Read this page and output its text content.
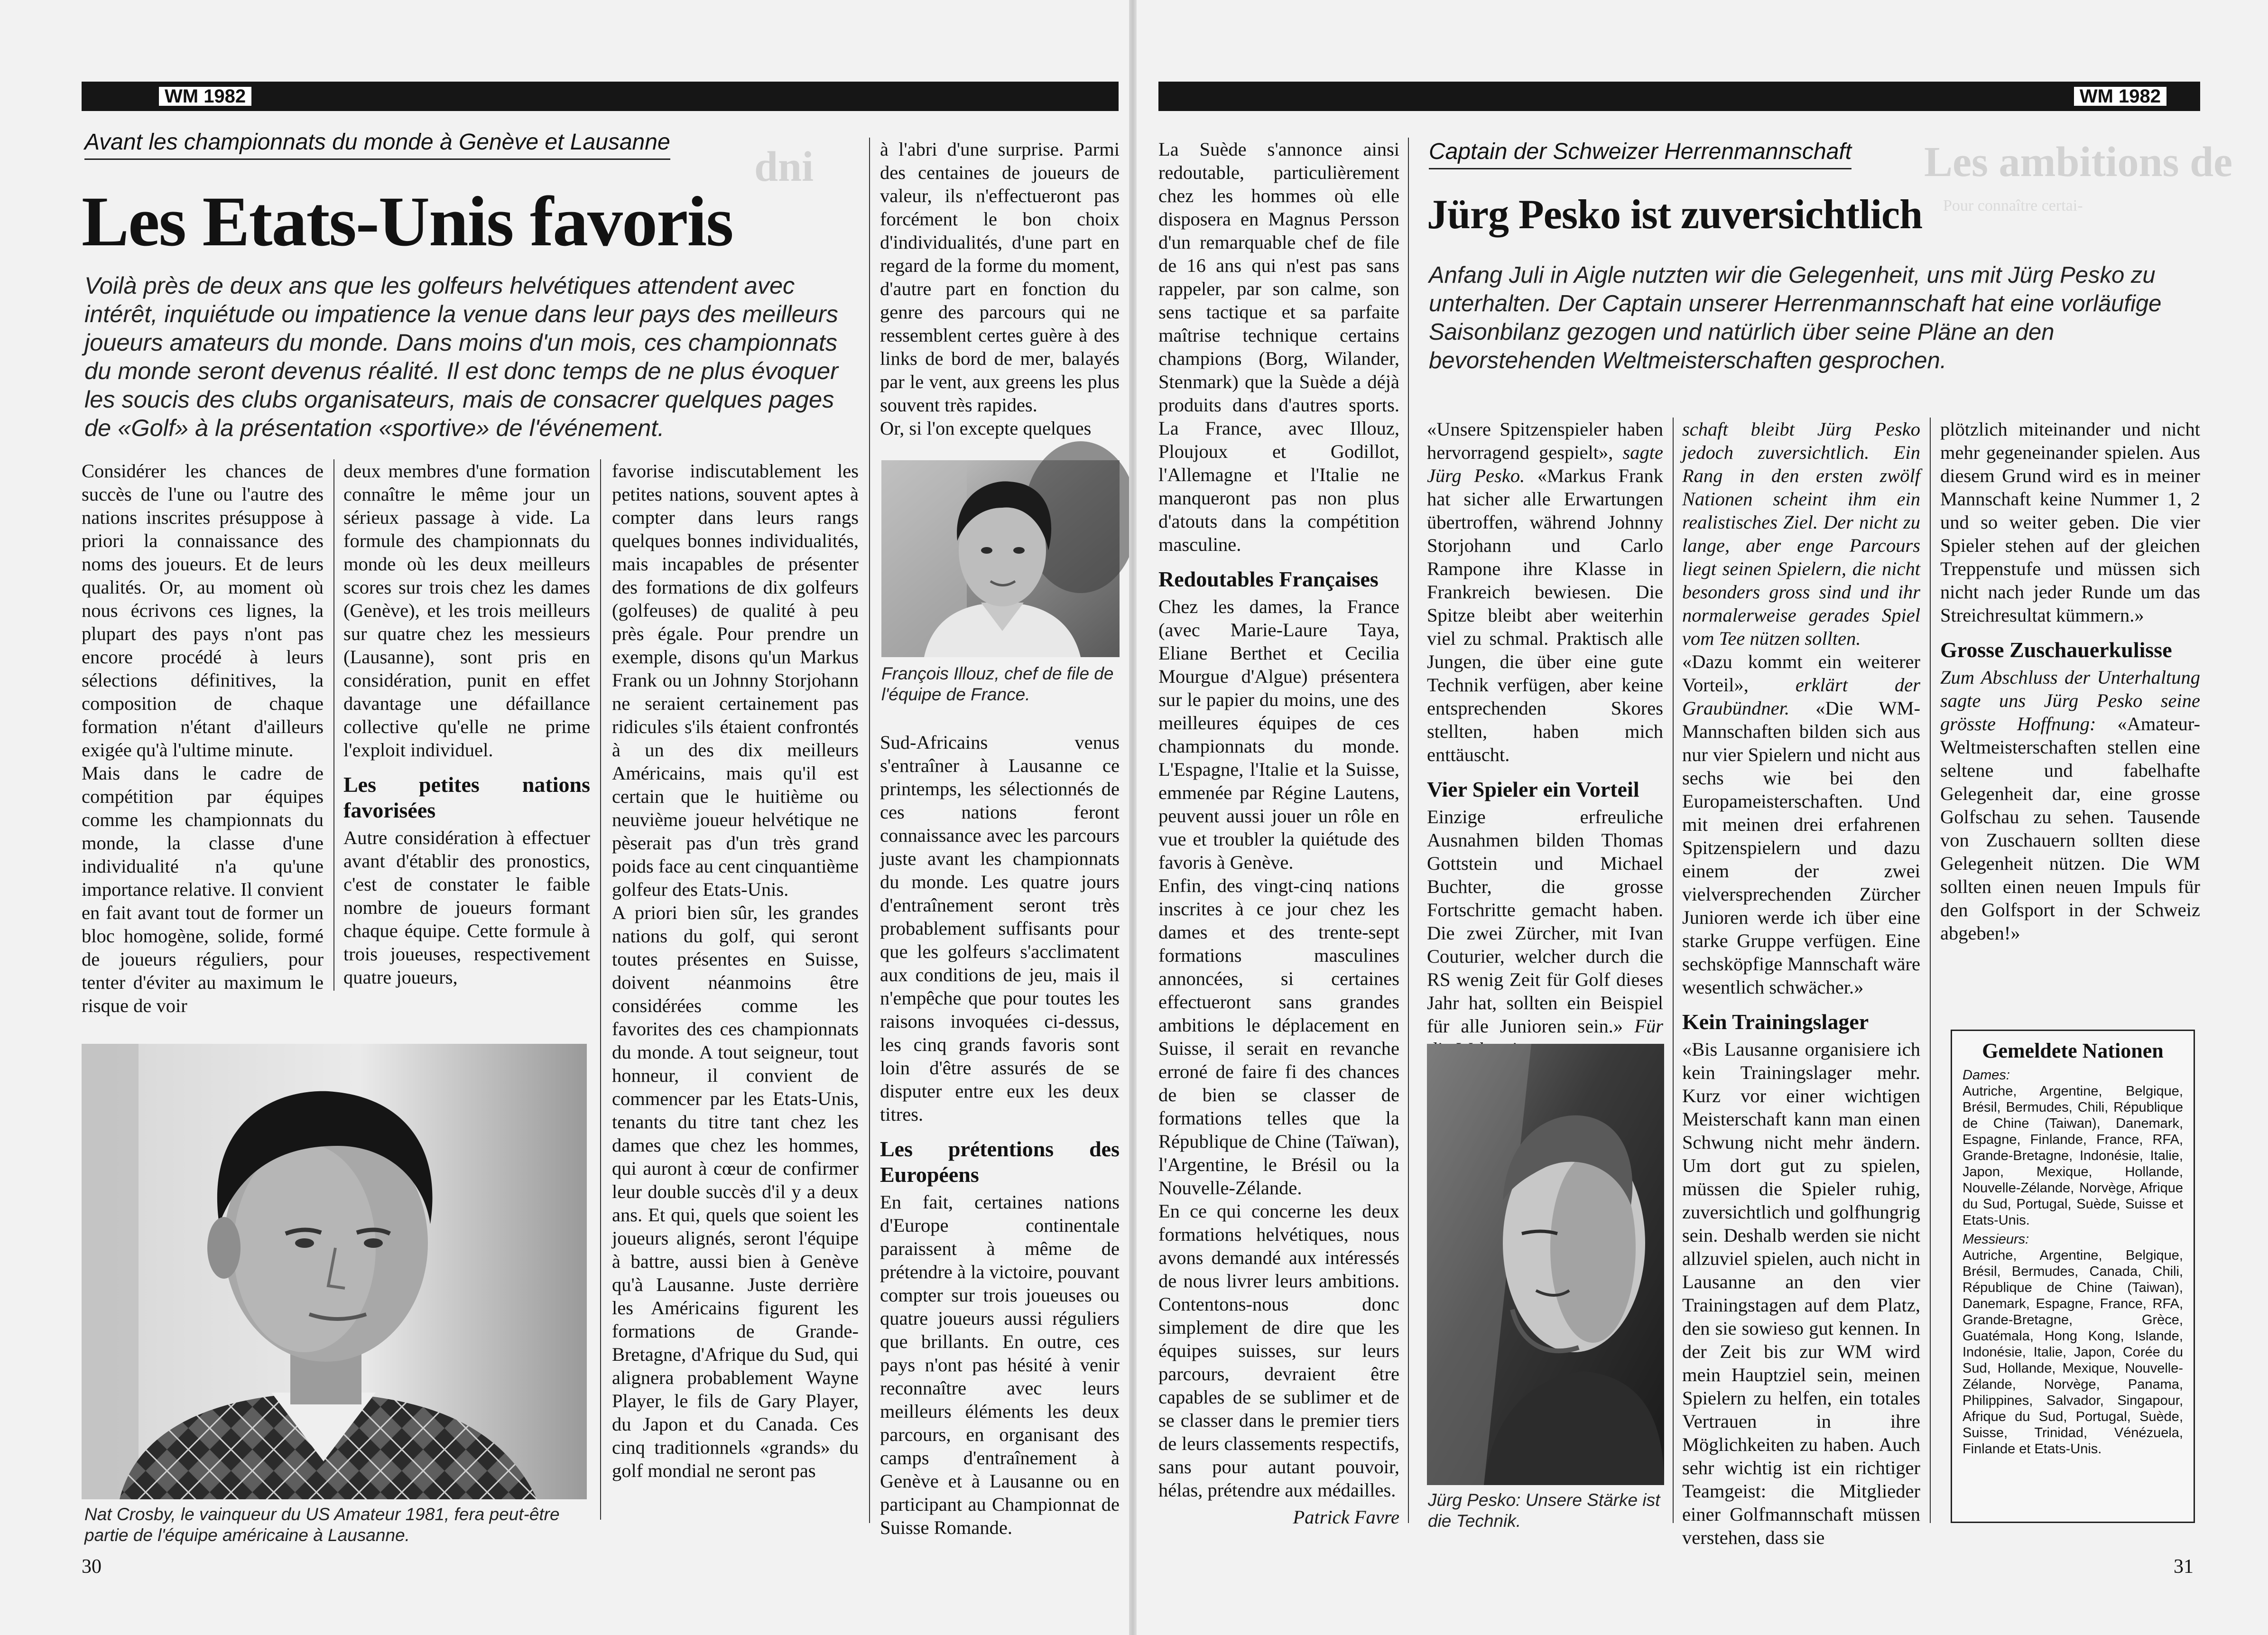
WM 1982
Avant les championnats du monde à Genève et Lausanne
dni
Les Etats-Unis favoris
Voilà près de deux ans que les golfeurs helvétiques attendent avec intérêt, inquiétude ou impatience la venue dans leur pays des meilleurs joueurs amateurs du monde. Dans moins d'un mois, ces championnats du monde seront devenus réalité. Il est donc temps de ne plus évoquer les soucis des clubs organisateurs, mais de consacrer quelques pages de «Golf» à la présentation «sportive» de l'événement.

Considérer les chances de succès de l'une ou l'autre des nations inscrites présuppose à priori la connaissance des noms des joueurs. Et de leurs qualités. Or, au moment où nous écrivons ces lignes, la plupart des pays n'ont pas encore procédé à leurs sélections définitives, la composition de chaque formation n'étant d'ailleurs exigée qu'à l'ultime minute.

Mais dans le cadre de compétition par équipes comme les championnats du monde, la classe d'une individualité n'a qu'une importance relative. Il convient en fait avant tout de former un bloc homogène, solide, formé de joueurs réguliers, pour tenter d'éviter au maximum le risque de voir

deux membres d'une formation connaître le même jour un sérieux passage à vide. La formule des championnats du monde où les deux meilleurs scores sur trois chez les dames (Genève), et les trois meilleurs sur quatre chez les messieurs (Lausanne), sont pris en considération, punit en effet davantage une défaillance collective qu'elle ne prime l'exploit individuel.

Les petites nations favorisées

Autre considération à effectuer avant d'établir des pronostics, c'est de constater le faible nombre de joueurs formant chaque équipe. Cette formule à trois joueuses, respectivement quatre joueurs,

favorise indiscutablement les petites nations, souvent aptes à compter dans leurs rangs quelques bonnes individualités, mais incapables de présenter des formations de dix golfeurs (golfeuses) de qualité à peu près égale. Pour prendre un exemple, disons qu'un Markus Frank ou un Johnny Storjohann ne seraient certainement pas ridicules s'ils étaient confrontés à un des dix meilleurs Américains, mais qu'il est certain que le huitième ou neuvième joueur helvétique ne pèserait pas d'un très grand poids face au cent cinquantième golfeur des Etats-Unis.

A priori bien sûr, les grandes nations du golf, qui seront toutes présentes en Suisse, doivent néanmoins être considérées comme les favorites des ces championnats du monde. A tout seigneur, tout honneur, il convient de commencer par les Etats-Unis, tenants du titre tant chez les dames que chez les hommes, qui auront à cœur de confirmer leur double succès d'il y a deux ans. Et qui, quels que soient les joueurs alignés, seront l'équipe à battre, aussi bien à Genève qu'à Lausanne. Juste derrière les Américains figurent les formations de Grande-Bretagne, d'Afrique du Sud, qui alignera probablement Wayne Player, le fils de Gary Player, du Japon et du Canada. Ces cinq traditionnels «grands» du golf mondial ne seront pas

à l'abri d'une surprise. Parmi des centaines de joueurs de valeur, ils n'effectueront pas forcément le bon choix d'individualités, d'une part en regard de la forme du moment, d'autre part en fonction du genre des parcours qui ne ressemblent certes guère à des links de bord de mer, balayés par le vent, aux greens les plus souvent très rapides.

Or, si l'on excepte quelques

François Illouz, chef de file de l'équipe de France.

Sud-Africains venus s'entraîner à Lausanne ce printemps, les sélectionnés de ces nations feront connaissance avec les parcours juste avant les championnats du monde. Les quatre jours d'entraînement seront très probablement suffisants pour que les golfeurs s'acclimatent aux conditions de jeu, mais il n'empêche que pour toutes les raisons invoquées ci-dessus, les cinq grands favoris sont loin d'être assurés de se disputer entre eux les deux titres.

Les prétentions des Européens

En fait, certaines nations d'Europe continentale paraissent à même de prétendre à la victoire, pouvant compter sur trois joueuses ou quatre joueurs aussi réguliers que brillants. En outre, ces pays n'ont pas hésité à venir reconnaître avec leurs meilleurs éléments les deux parcours, en organisant des camps d'entraînement à Genève et à Lausanne ou en participant au Championnat de Suisse Romande.

Nat Crosby, le vainqueur du US Amateur 1981, fera peut-être partie de l'équipe américaine à Lausanne.
30
WM 1982

La Suède s'annonce ainsi redoutable, particulièrement chez les hommes où elle disposera en Magnus Persson d'un remarquable chef de file de 16 ans qui n'est pas sans rappeler, par son calme, son sens tactique et sa parfaite maîtrise technique certains champions (Borg, Wilander, Stenmark) que la Suède a déjà produits dans d'autres sports. La France, avec Illouz, Ploujoux et Godillot, l'Allemagne et l'Italie ne manqueront pas non plus d'atouts dans la compétition masculine.

Redoutables Françaises

Chez les dames, la France (avec Marie-Laure Taya, Eliane Berthet et Cecilia Mourgue d'Algue) présentera sur le papier du moins, une des meilleures équipes de ces championnats du monde. L'Espagne, l'Italie et la Suisse, emmenée par Régine Lautens, peuvent aussi jouer un rôle en vue et troubler la quiétude des favoris à Genève.

Enfin, des vingt-cinq nations inscrites à ce jour chez les dames et des trente-sept formations masculines annoncées, si certaines effectueront sans grandes ambitions le déplacement en Suisse, il serait en revanche erroné de faire fi des chances de bien se classer de formations telles que la République de Chine (Taïwan), l'Argentine, le Brésil ou la Nouvelle-Zélande.

En ce qui concerne les deux formations helvétiques, nous avons demandé aux intéressés de nous livrer leurs ambitions. Contentons-nous donc simplement de dire que les équipes suisses, sur leurs parcours, devraient être capables de se sublimer et de se classer dans le premier tiers de leurs classements respectifs, sans pour autant pouvoir, hélas, prétendre aux médailles.

Patrick Favre
Captain der Schweizer Herrenmannschaft Les ambitions de
Pour connaître certai-
Jürg Pesko ist zuversichtlich
Anfang Juli in Aigle nutzten wir die Gelegenheit, uns mit Jürg Pesko zu unterhalten. Der Captain unserer Herrenmannschaft hat eine vorläufige Saisonbilanz gezogen und natürlich über seine Pläne an den bevorstehenden Weltmeisterschaften gesprochen.

«Unsere Spitzenspieler haben hervorragend gespielt», sagte Jürg Pesko. «Markus Frank hat sicher alle Erwartungen übertroffen, während Johnny Storjohann und Carlo Rampone ihre Klasse in Frankreich bewiesen. Die Spitze bleibt aber weiterhin viel zu schmal. Praktisch alle Jungen, die über eine gute Technik verfügen, aber keine entsprechenden Skores stellten, haben mich enttäuscht.

Vier Spieler ein Vorteil

Einzige erfreuliche Ausnahmen bilden Thomas Gottstein und Michael Buchter, die grosse Fortschritte gemacht haben. Die zwei Zürcher, mit Ivan Couturier, welcher durch die RS wenig Zeit für Golf dieses Jahr hat, sollten ein Beispiel für alle Junioren sein.» Für

Jürg Pesko: Unsere Stärke ist die Technik.

schaft bleibt Jürg Pesko jedoch zuversichtlich. Ein Rang in den ersten zwölf Nationen scheint ihm ein realistisches Ziel. Der nicht zu lange, aber enge Parcours liegt seinen Spielern, die nicht besonders gross sind und ihr normalerweise gerades Spiel vom Tee nützen sollten.

«Dazu kommt ein weiterer Vorteil», erklärt der Graubündner. «Die WM-Mannschaften bilden sich aus nur vier Spielern und nicht aus sechs wie bei den Europameisterschaften. Und mit meinen drei erfahrenen Spitzenspielern und dazu einem der zwei vielversprechenden Zürcher Junioren werde ich über eine starke Gruppe verfügen. Eine sechsköpfige Mannschaft wäre wesentlich schwächer.»

Kein Trainingslager

«Bis Lausanne organisiere ich kein Trainingslager mehr. Kurz vor einer wichtigen Meisterschaft kann man einen Schwung nicht mehr ändern. Um dort gut zu spielen, müssen die Spieler ruhig, zuversichtlich und golfhungrig sein. Deshalb werden sie nicht allzuviel spielen, auch nicht in Lausanne an den vier Trainingstagen auf dem Platz, den sie sowieso gut kennen. In der Zeit bis zur WM wird mein Hauptziel sein, meinen Spielern zu helfen, ein totales Vertrauen in ihre Möglichkeiten zu haben. Auch sehr wichtig ist ein richtiger Teamgeist: die Mitglieder einer Golfmannschaft müssen verstehen, dass sie

plötzlich miteinander und nicht mehr gegeneinander spielen. Aus diesem Grund wird es in meiner Mannschaft keine Nummer 1, 2 und so weiter geben. Die vier Spieler stehen auf der gleichen Treppenstufe und müssen sich nicht nach jeder Runde um das Streichresultat kümmern.»

Grosse Zuschauerkulisse

Zum Abschluss der Unterhaltung sagte uns Jürg Pesko seine grösste Hoffnung: «Amateur-Weltmeisterschaften stellen eine seltene und fabelhafte Gelegenheit dar, eine grosse Golfschau zu sehen. Tausende von Zuschauern sollten diese Gelegenheit nützen. Die WM sollten einen neuen Impuls für den Golfsport in der Schweiz abgeben!»

Gemeldete Nationen
Dames:
Autriche, Argentine, Belgique, Brésil, Bermudes, Chili, République de Chine (Taiwan), Danemark, Espagne, Finlande, France, RFA, Grande-Bretagne, Indonésie, Italie, Japon, Mexique, Hollande, Nouvelle-Zélande, Norvège, Afrique du Sud, Portugal, Suède, Suisse et Etats-Unis.
Messieurs:
Autriche, Argentine, Belgique, Brésil, Bermudes, Canada, Chili, République de Chine (Taiwan), Danemark, Espagne, France, RFA, Grande-Bretagne, Grèce, Guatémala, Hong Kong, Islande, Indonésie, Italie, Japon, Corée du Sud, Hollande, Mexique, Nouvelle-Zélande, Norvège, Panama, Philippines, Salvador, Singapour, Afrique du Sud, Portugal, Suède, Suisse, Trinidad, Vénézuela, Finlande et Etats-Unis.
31
